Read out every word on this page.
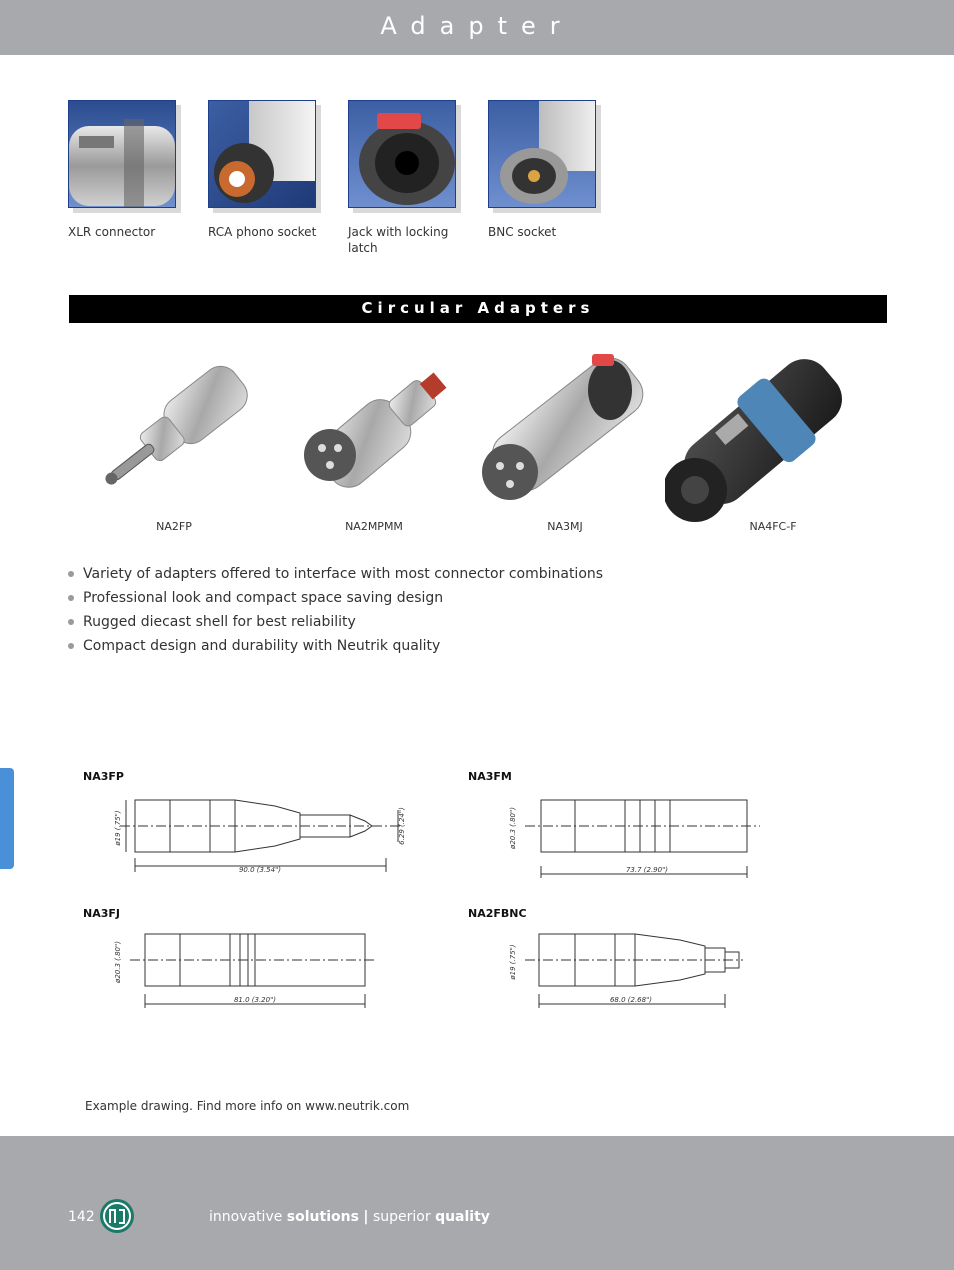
Adapter
XLR connector	RCA phono socket	Jack with locking latch
BNC socket
Circular Adapters
NA2FP	NA2MPMM	NA3MJ	NA4FC-F
Variety of adapters offered to interface with most connector combinations
Professional look and compact space saving design
Rugged diecast shell for best reliability
Compact design and durability with Neutrik quality
NA3FP
90.0 (3.54")
ø19 (.75")	6.29 (.24")
NA3FM
73.7 (2.90")
ø20.3 (.80")
NA3FJ
81.0 (3.20")
ø20.3 (.80")
NA2FBNC
68.0 (2.68")
ø19 (.75")
Example drawing. Find more info on www.neutrik.com
142	innovative solutions | superior quality
